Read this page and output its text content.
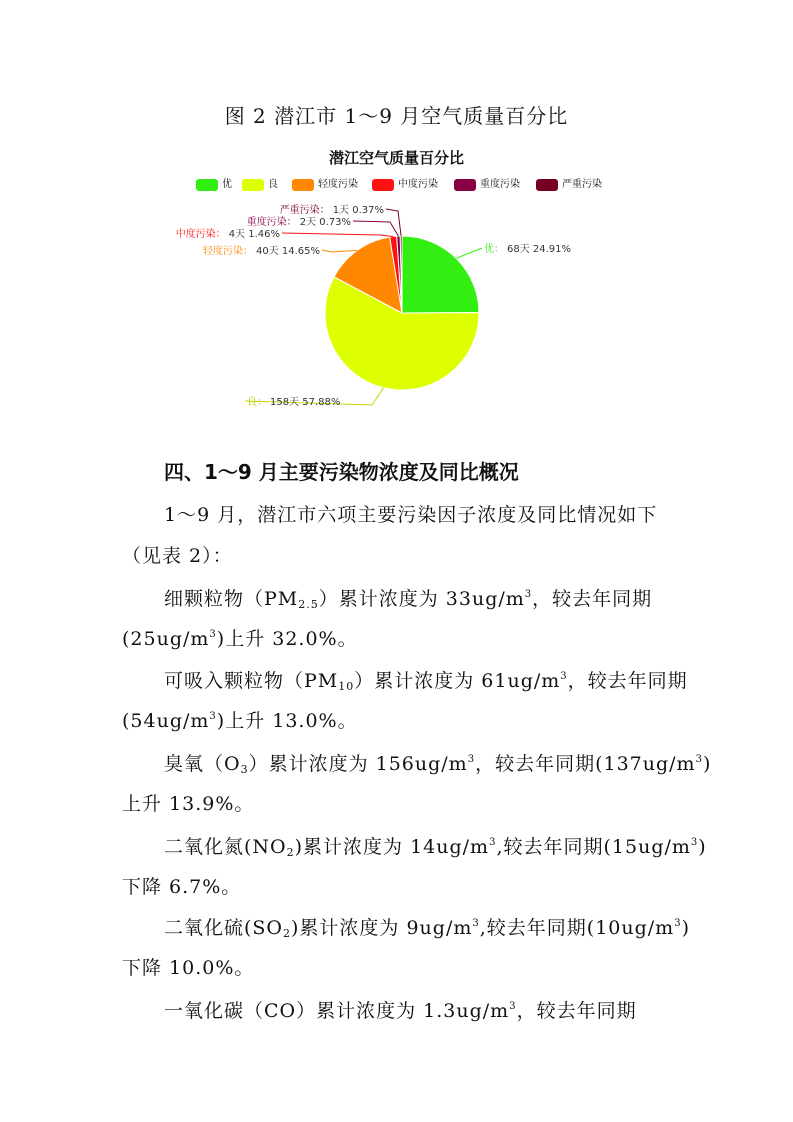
图 2 潜江市 1～9 月空气质量百分比
潜江空气质量百分比
优	良	轻度污染	中度污染	重度污染	严重污染
优： 68天 24.91%
良： 158天 57.88%
轻度污染： 40天 14.65%
中度污染： 4天 1.46%
重度污染： 2天 0.73%
严重污染： 1天 0.37%
四、1～9 月主要污染物浓度及同比概况
1～9 月，潜江市六项主要污染因子浓度及同比情况如下
（见表 2）：
细颗粒物$(PM_{2.5})$累计浓度为 $33ug/m^3$，较去年同期
$(25ug/m^3)$上升 32.0%。
可吸入颗粒物$(PM_{10})$累计浓度为 $61ug/m^3$，较去年同期
$(54ug/m^3)$上升 13.0%。
臭氧$(O_3)$累计浓度为 $156ug/m^3$，较去年同期$(137ug/m^3)$
上升 13.9%。
二氧化氮$(NO_2)$累计浓度为 $14ug/m^3$,较去年同期$(15ug/m^3)$
下降 6.7%。
二氧化硫$(SO_2)$累计浓度为 $9ug/m^3$,较去年同期$(10ug/m^3)$
下降 10.0%。
一氧化碳（CO）累计浓度为 $1.3ug/m^3$，较去年同期
